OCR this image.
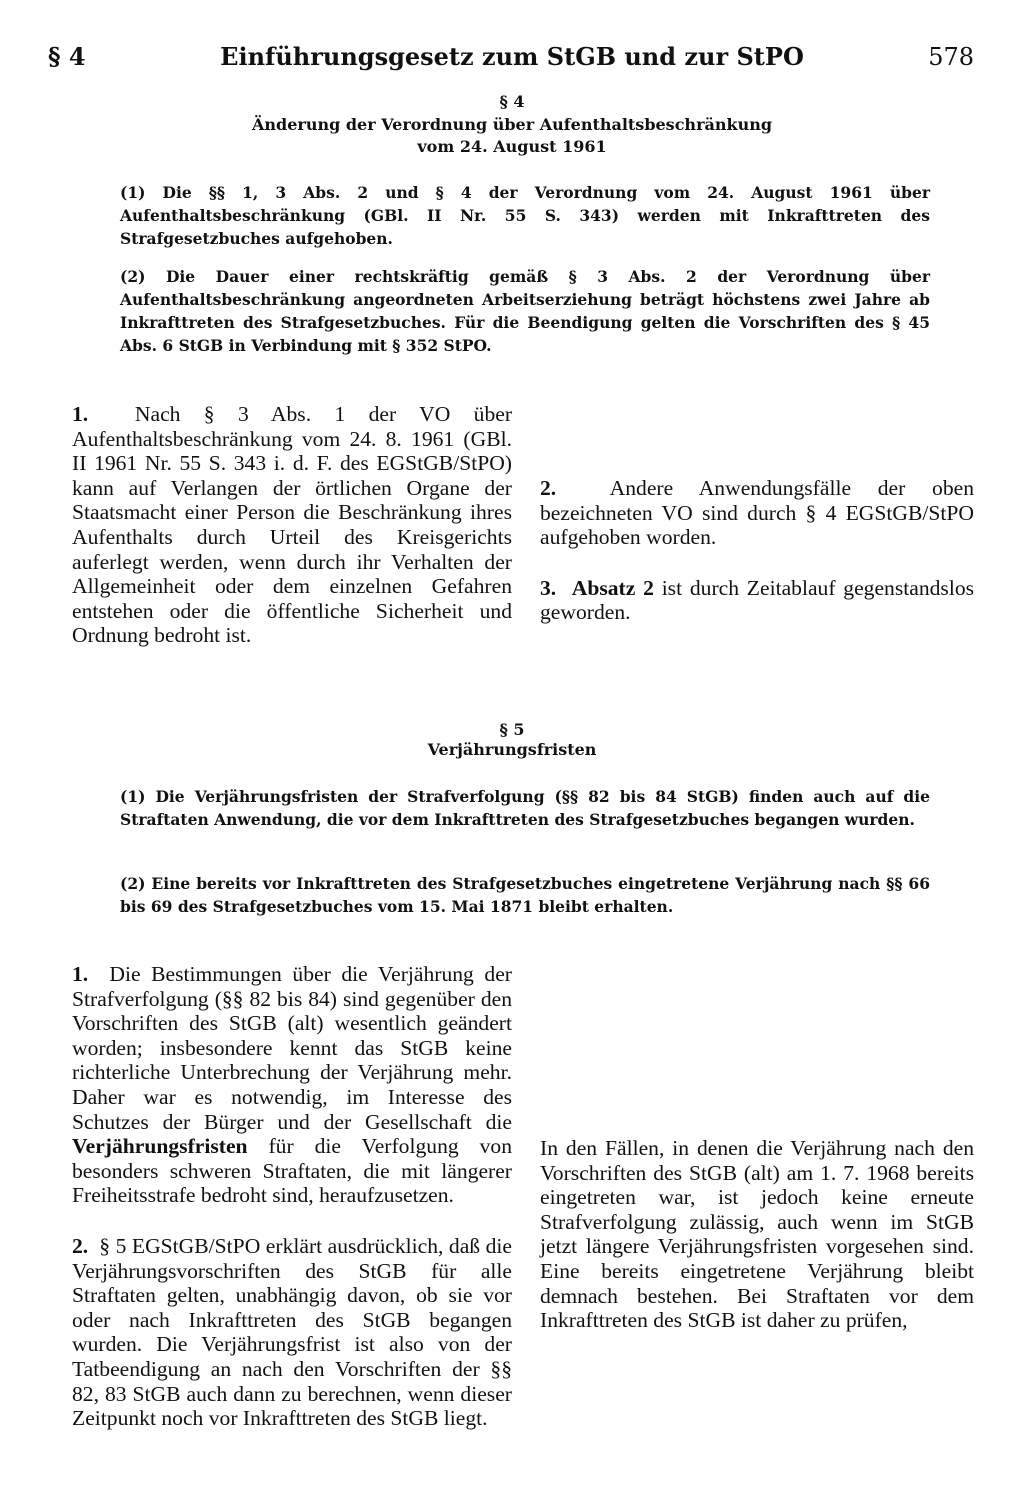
§ 4	Einführungsgesetz zum StGB und zur StPO	578
§ 4
Änderung der Verordnung über Aufenthaltsbeschränkung
vom 24. August 1961
(1) Die §§ 1, 3 Abs. 2 und § 4 der Verordnung vom 24. August 1961 über Aufenthaltsbeschränkung (GBl. II Nr. 55 S. 343) werden mit Inkrafttreten des Strafgesetzbuches aufgehoben.
(2) Die Dauer einer rechtskräftig gemäß § 3 Abs. 2 der Verordnung über Aufenthaltsbeschränkung angeordneten Arbeitserziehung beträgt höchstens zwei Jahre ab Inkrafttreten des Strafgesetzbuches. Für die Beendigung gelten die Vorschriften des § 45 Abs. 6 StGB in Verbindung mit § 352 StPO.

1. Nach § 3 Abs. 1 der VO über Aufenthaltsbeschränkung vom 24. 8. 1961 (GBl. II 1961 Nr. 55 S. 343 i. d. F. des EGStGB/StPO) kann auf Verlangen der örtlichen Organe der Staatsmacht einer Person die Beschränkung ihres Aufenthalts durch Urteil des Kreisgerichts auferlegt werden, wenn durch ihr Verhalten der Allgemeinheit oder dem einzelnen Gefahren entstehen oder die öffentliche Sicherheit und Ordnung bedroht ist.

2. Andere Anwendungsfälle der oben bezeichneten VO sind durch § 4 EGStGB/StPO aufgehoben worden.

3. Absatz 2 ist durch Zeitablauf gegenstandslos geworden.

§ 5
Verjährungsfristen
(1) Die Verjährungsfristen der Strafverfolgung (§§ 82 bis 84 StGB) finden auch auf die Straftaten Anwendung, die vor dem Inkrafttreten des Strafgesetzbuches begangen wurden.
(2) Eine bereits vor Inkrafttreten des Strafgesetzbuches eingetretene Verjährung nach §§ 66 bis 69 des Strafgesetzbuches vom 15. Mai 1871 bleibt erhalten.

1. Die Bestimmungen über die Verjährung der Strafverfolgung (§§ 82 bis 84) sind gegenüber den Vorschriften des StGB (alt) wesentlich geändert worden; insbesondere kennt das StGB keine richterliche Unterbrechung der Verjährung mehr. Daher war es notwendig, im Interesse des Schutzes der Bürger und der Gesellschaft die Verjährungsfristen für die Verfolgung von besonders schweren Straftaten, die mit längerer Freiheitsstrafe bedroht sind, heraufzusetzen.

2. § 5 EGStGB/StPO erklärt ausdrücklich, daß die Verjährungsvorschriften des StGB für alle Straftaten gelten, unabhängig davon, ob sie vor oder nach Inkrafttreten des StGB begangen wurden. Die Verjährungsfrist ist also von der Tatbeendigung an nach den Vorschriften der §§ 82, 83 StGB auch dann zu berechnen, wenn dieser Zeitpunkt noch vor Inkrafttreten des StGB liegt.

In den Fällen, in denen die Verjährung nach den Vorschriften des StGB (alt) am 1. 7. 1968 bereits eingetreten war, ist jedoch keine erneute Strafverfolgung zulässig, auch wenn im StGB jetzt längere Verjährungsfristen vorgesehen sind. Eine bereits eingetretene Verjährung bleibt demnach bestehen. Bei Straftaten vor dem Inkrafttreten des StGB ist daher zu prüfen,
